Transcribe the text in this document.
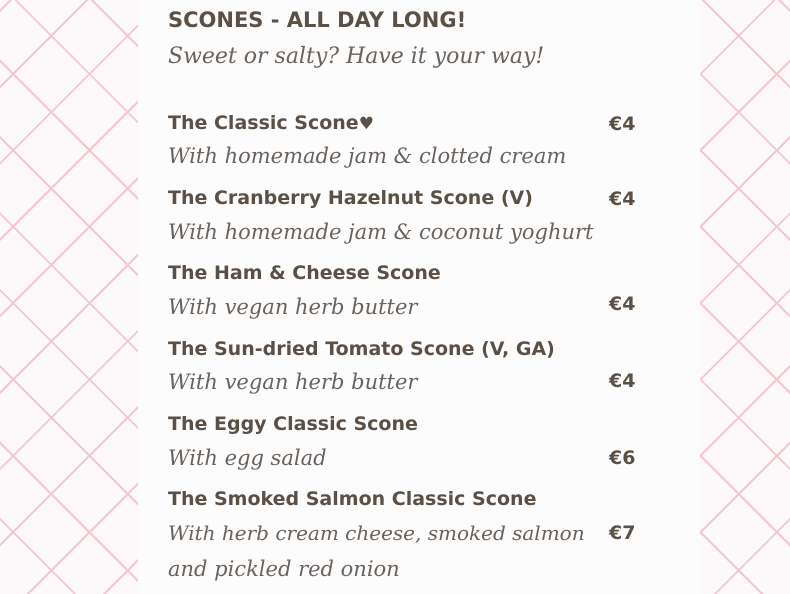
SCONES - ALL DAY LONG!
Sweet or salty? Have it your way!
The Classic Scone♥	€4
With homemade jam & clotted cream
The Cranberry Hazelnut Scone (V)	€4
With homemade jam & coconut yoghurt
The Ham & Cheese Scone
With vegan herb butter	€4
The Sun-dried Tomato Scone (V, GA)
With vegan herb butter	€4
The Eggy Classic Scone
With egg salad	€6
The Smoked Salmon Classic Scone
With herb cream cheese, smoked salmon €7
and pickled red onion
